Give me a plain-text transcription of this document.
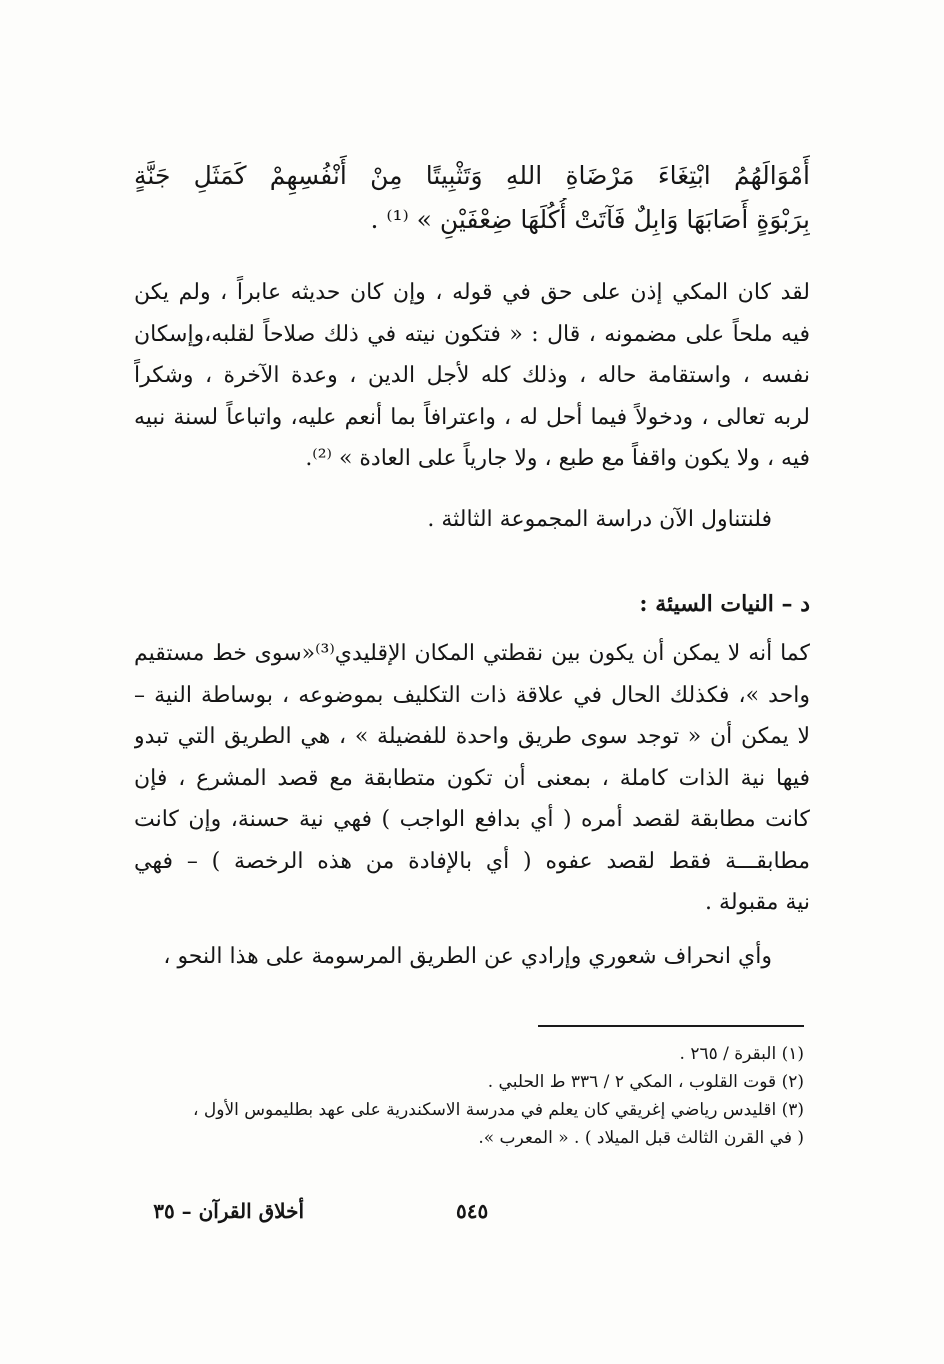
أَمْوَالَهُمُ ابْتِغَاءَ مَرْضَاةِ اللهِ وَتَثْبِيتًا مِنْ أَنْفُسِهِمْ كَمَثَلِ جَنَّةٍ
بِرَبْوَةٍ أَصَابَهَا وَابِلٌ فَآتَتْ أُكُلَهَا ضِعْفَيْنِ » ⁽¹⁾ .
لقد كان المكي إذن على حق في قوله ، وإن كان حديثه عابراً ، ولم يكن
فيه ملحاً على مضمونه ، قال : « فتكون نيته في ذلك صلاحاً لقلبه،وإسكان
نفسه ، واستقامة حاله ، وذلك كله لأجل الدين ، وعدة الآخرة ، وشكراً
لربه تعالى ، ودخولاً فيما أحل له ، واعترافاً بما أنعم عليه، واتباعاً لسنة نبيه
فيه ، ولا يكون واقفاً مع طبع ، ولا جارياً على العادة » ⁽²⁾.
فلنتناول الآن دراسة المجموعة الثالثة .
د – النيات السيئة :
كما أنه لا يمكن أن يكون بين نقطتي المكان الإقليدي⁽³⁾«سوى خط مستقيم
واحد »، فكذلك الحال في علاقة ذات التكليف بموضوعه ، بوساطة النية –
لا يمكن أن « توجد سوى طريق واحدة للفضيلة » ، هي الطريق التي تبدو
فيها نية الذات كاملة ، بمعنى أن تكون متطابقة مع قصد المشرع ، فإن
كانت مطابقة لقصد أمره ( أي بدافع الواجب ) فهي نية حسنة، وإن كانت
مطابقـــة فقط لقصد عفوه ( أي بالإفادة من هذه الرخصة ) – فهي
نية مقبولة .
وأي انحراف شعوري وإرادي عن الطريق المرسومة على هذا النحو ،
(١) البقرة / ٢٦٥ .
(٢) قوت القلوب ، المكي ٢ / ٣٣٦ ط الحلبي .
(٣) اقليدس رياضي إغريقي كان يعلم في مدرسة الاسكندرية على عهد بطليموس الأول ،
( في القرن الثالث قبل الميلاد ) . « المعرب ».
أخلاق القرآن – ٣٥	٥٤٥
